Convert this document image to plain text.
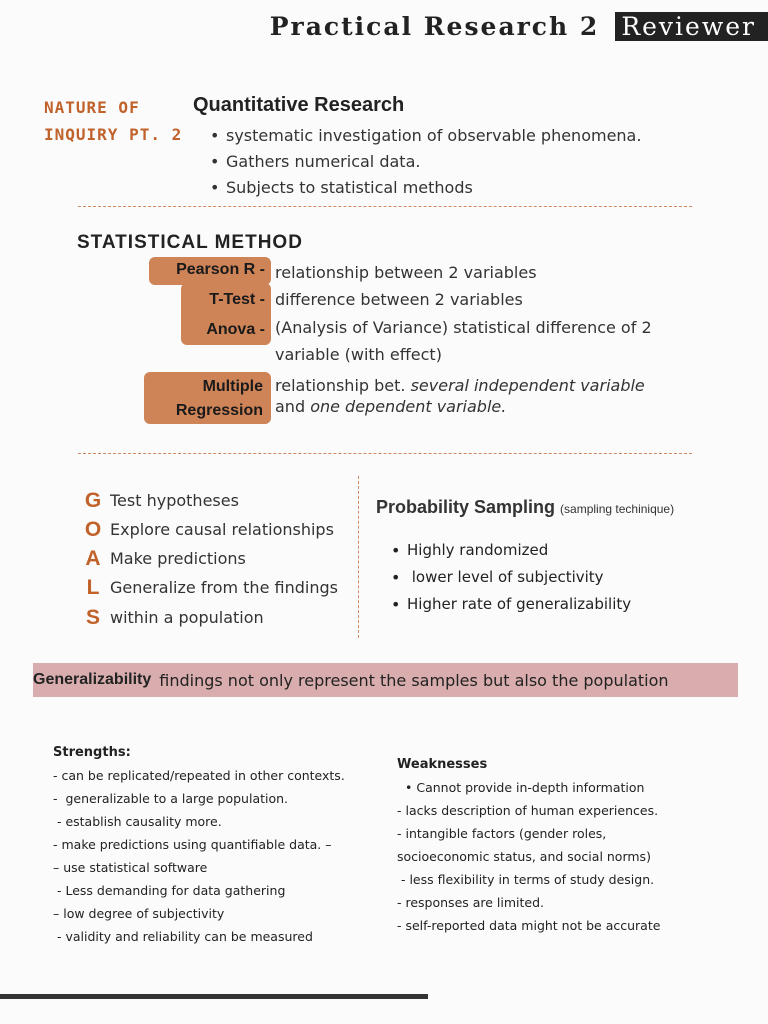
Practical Research 2 Reviewer
NATURE OF INQUIRY PT. 2
Quantitative Research
• systematic investigation of observable phenomena.
• Gathers numerical data.
• Subjects to statistical methods
STATISTICAL METHOD
Pearson R -
T-Test -
Anova -
Multiple
Regression
relationship between 2 variables
difference between 2 variables
(Analysis of Variance) statistical difference of 2 variable (with effect)
relationship bet. several independent variable
and one dependent variable.
G
O
A
L
S
Test hypotheses
Explore causal relationships
Make predictions
Generalize from the findings
within a population
Probability Sampling (sampling techinique)
• Highly randomized
•  lower level of subjectivity
• Higher rate of generalizability
Generalizability findings not only represent the samples but also the population
Strengths:
- can be replicated/repeated in other contexts.
-  generalizable to a large population.
- establish causality more.
- make predictions using quantifiable data. –
– use statistical software
- Less demanding for data gathering
– low degree of subjectivity
- validity and reliability can be measured
Weaknesses
• Cannot provide in-depth information
- lacks description of human experiences.
- intangible factors (gender roles,
socioeconomic status, and social norms)
- less flexibility in terms of study design.
- responses are limited.
- self-reported data might not be accurate
